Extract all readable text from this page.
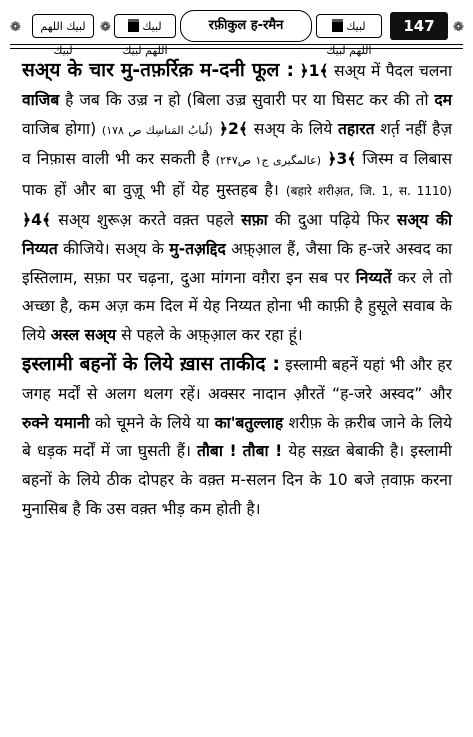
❁	لبيك اللهم لبيك
❁	لبيك اللهم لبيك
रफ़ीकुल ह-रमैन	لبيك اللهم لبيك
147	❁

सअ्य के चार मु-तफ़र्रिक़ म-दनी फूल : ﴿1﴾ सअ्य में पैदल चलना वाजिब है जब कि उज़्र न हो (बिला उज़्र सुवारी पर या घिसट कर की तो दम वाजिब होगा) (لُبابُ المَناسِك ص ١٧٨) ﴿2﴾ सअ्य के लिये तहारत शर्त़ नहीं हैज़ व निफ़ास वाली भी कर सकती है (عالمگیری ج۱ ص۲۴۷) ﴿3﴾ जिस्म व लिबास पाक हों और बा वुज़ू भी हों येह मुस्तहब है। (बहारे शरीअ़त, जि. 1, स. 1110) ﴿4﴾ सअ्य शुरूअ़ करते वक़्त पहले सफ़ा की दुआ पढ़िये फिर सअ्य की निय्यत कीजिये। सअ्य के मु-तअ़द्दिद अफ़्आ़ल हैं, जैसा कि ह-जरे अस्वद का इस्तिलाम, सफ़ा पर चढ़ना, दुआ मांगना वग़ैरा इन सब पर निय्यतें कर ले तो अच्छा है, कम अज़ कम दिल में येह निय्यत होना भी काफ़ी है हुसूले सवाब के लिये अस्ल सअ्य से पहले के अफ़्आ़ल कर रहा हूं।

इस्लामी बहनों के लिये ख़ास ताकीद : इस्लामी बहनें यहां भी और हर जगह मर्दों से अलग थलग रहें। अक्सर नादान औ़रतें “ह-जरे अस्वद” और रुक्ने यमानी को चूमने के लिये या का'बतुल्लाह शरीफ़ के क़रीब जाने के लिये बे धड़क मर्दों में जा घुसती हैं। तौबा ! तौबा ! येह सख़्त बेबाकी है। इस्लामी बहनों के लिये ठीक दोपहर के वक़्त म-सलन दिन के 10 बजे त़वाफ़ करना मुनासिब है कि उस वक़्त भीड़ कम होती है।
